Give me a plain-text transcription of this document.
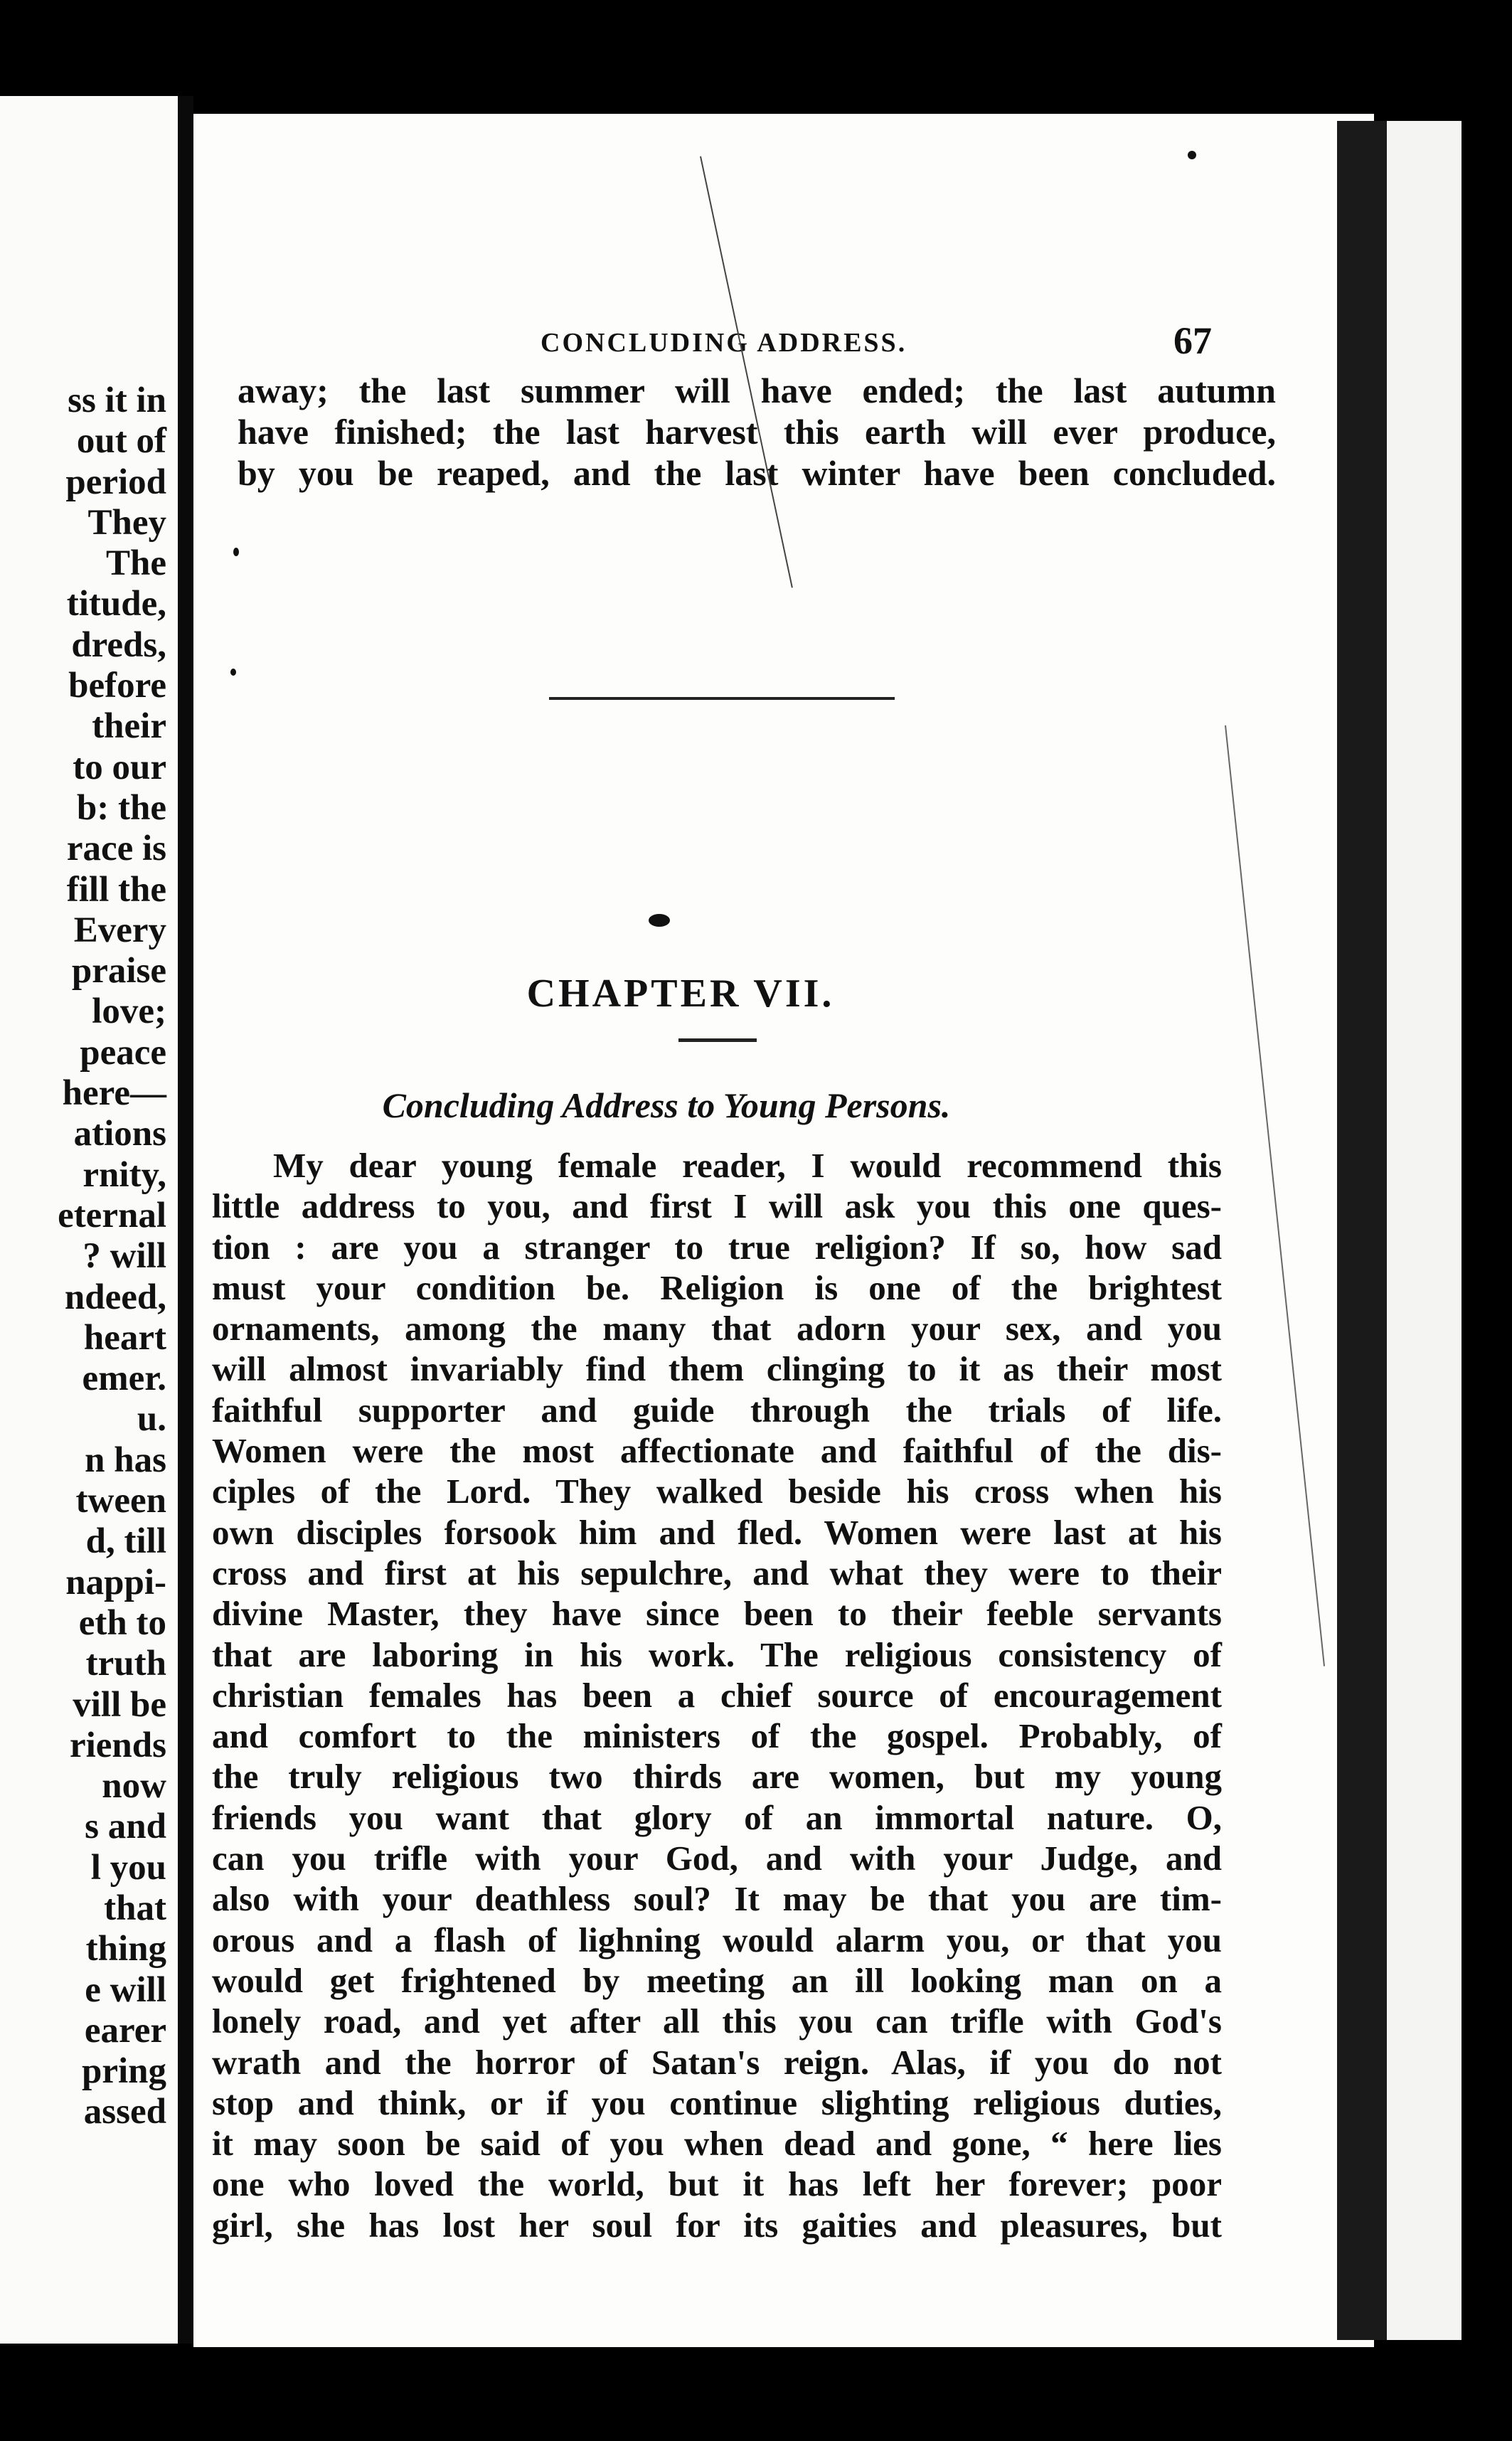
ss it in
out of
period
They
The
titude,
dreds,
before
their
to our
b: the
race is
fill the
Every
praise
love;
peace
here—
ations
rnity,
eternal
? will
ndeed,
heart
emer.
u.
n has
tween
d, till
nappi-
eth to
truth
vill be
riends
now
s and
l you
that
thing
e will
earer
pring
assed
CONCLUDING ADDRESS.	67
away; the last summer will have ended; the last autumn
have finished; the last harvest this earth will ever produce,
by you be reaped, and the last winter have been concluded.
CHAPTER VII.
Concluding Address to Young Persons.
My dear young female reader, I would recommend this
little address to you, and first I will ask you this one ques-
tion : are you a stranger to true religion? If so, how sad
must your condition be. Religion is one of the brightest
ornaments, among the many that adorn your sex, and you
will almost invariably find them clinging to it as their most
faithful supporter and guide through the trials of life.
Women were the most affectionate and faithful of the dis-
ciples of the Lord. They walked beside his cross when his
own disciples forsook him and fled. Women were last at his
cross and first at his sepulchre, and what they were to their
divine Master, they have since been to their feeble servants
that are laboring in his work. The religious consistency of
christian females has been a chief source of encouragement
and comfort to the ministers of the gospel. Probably, of
the truly religious two thirds are women, but my young
friends you want that glory of an immortal nature. O,
can you trifle with your God, and with your Judge, and
also with your deathless soul? It may be that you are tim-
orous and a flash of lighning would alarm you, or that you
would get frightened by meeting an ill looking man on a
lonely road, and yet after all this you can trifle with God's
wrath and the horror of Satan's reign. Alas, if you do not
stop and think, or if you continue slighting religious duties,
it may soon be said of you when dead and gone, “ here lies
one who loved the world, but it has left her forever; poor
girl, she has lost her soul for its gaities and pleasures, but
